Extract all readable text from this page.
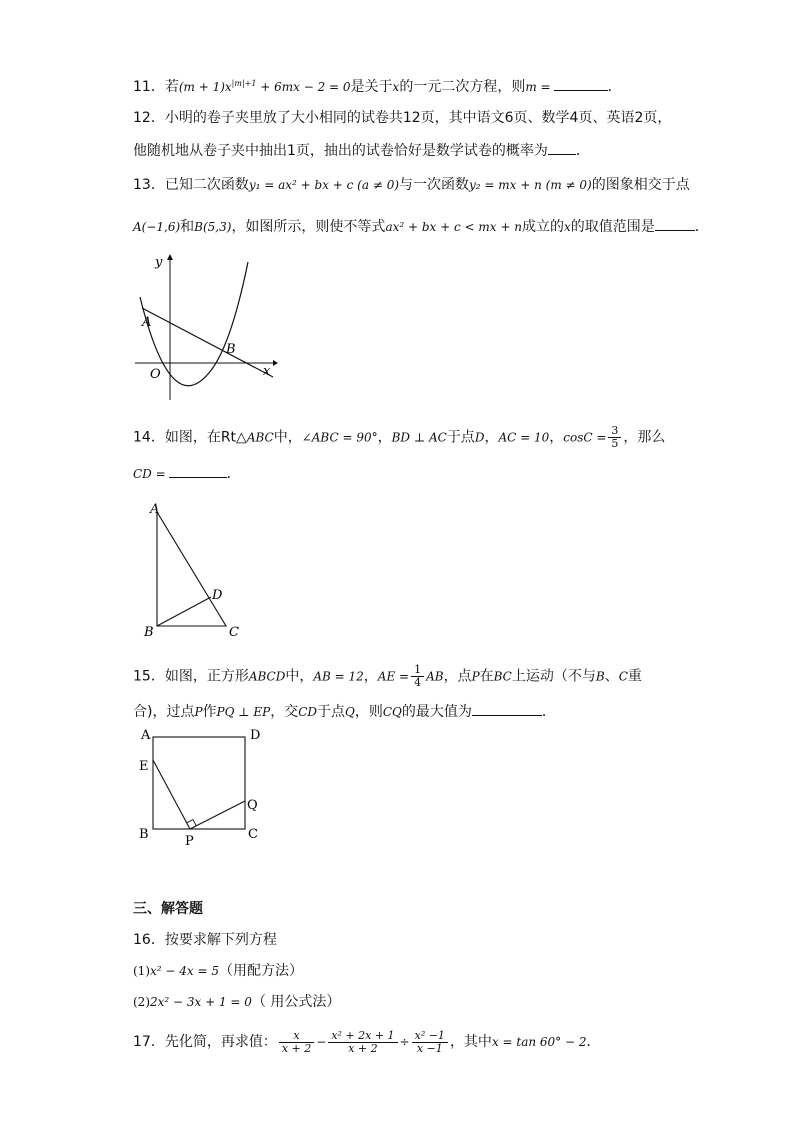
11．若$(m + 1)x^{|m|+1} + 6mx - 2 = 0$是关于x的一元二次方程，则m =	．
12．小明的卷子夹里放了大小相同的试卷共12页，其中语文6页、数学4页、英语2页，
他随机地从卷子夹中抽出1页，抽出的试卷恰好是数学试卷的概率为 ．
13．已知二次函数y₁ = ax² + bx + c (a ≠ 0)与一次函数y₂ = mx + n (m ≠ 0)的图象相交于点
A(−1,6)和B(5,3)，如图所示，则使不等式ax² + bx + c < mx + n成立的x的取值范围是	．
y
x
O
A
B
14．如图，在Rt△ABC中，∠ABC = 90°，BD ⊥ AC于点D，AC = 10，$\cos C = \frac{3}{5}$ ，那么
CD =	．
A
B	C
D
15．如图，正方形ABCD中，AB = 12，AE = $\frac{1}{4}$ AB，点P在BC上运动（不与B、C重
合)，过点P作PQ ⊥ EP，交CD于点Q，则CQ的最大值为	．
A	D
E
Q
B	C
P
三、解答题
16．按要求解下列方程
(1)x² − 4x = 5（用配方法）
(2)2x² − 3x + 1 = 0（ 用公式法）
17．先化简，再求值： $\frac{x}{x + 2} - \frac{\text{x² + 2x + 1}}{x + 2} \div \frac{\text{x² −1}}{x -1}$ ，其中x = tan 60° − 2．
